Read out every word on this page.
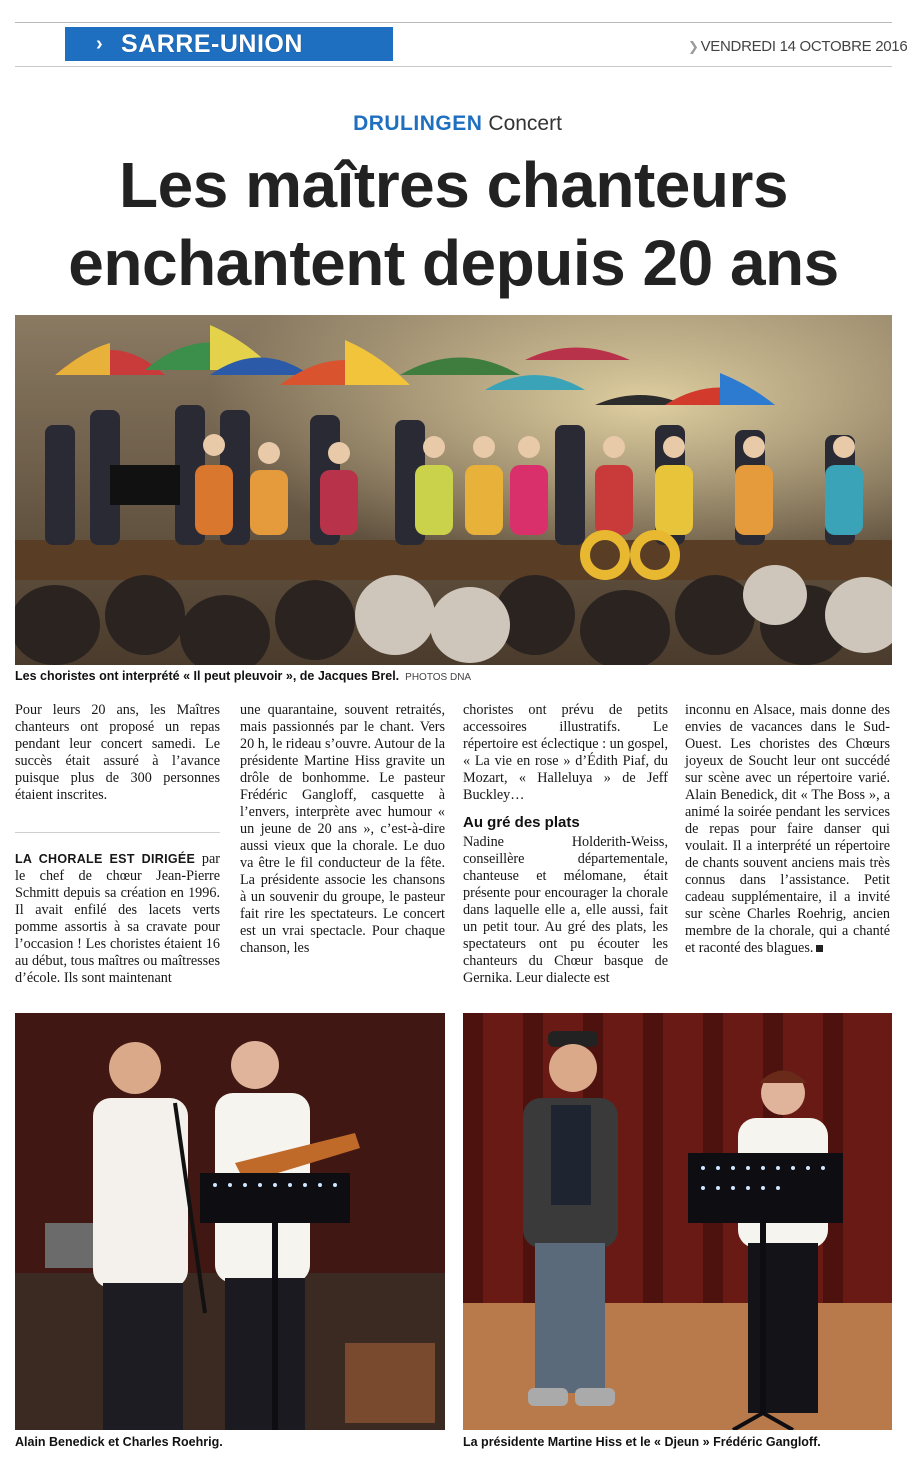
› SARRE-UNION	‹	❯ VENDREDI 14 OCTOBRE 2016
DRULINGEN Concert
Les maîtres chanteurs
enchantent depuis 20 ans
Les choristes ont interprété « Il peut pleuvoir », de Jacques Brel. PHOTOS DNA

Pour leurs 20 ans, les Maîtres chanteurs ont proposé un repas pendant leur concert samedi. Le succès était assuré à l’avance puisque plus de 300 personnes étaient inscrites.

LA CHORALE EST DIRIGÉE par le chef de chœur Jean-Pierre Schmitt depuis sa création en 1996. Il avait enfilé des lacets verts pomme assortis à sa cravate pour l’occasion ! Les choristes étaient 16 au début, tous maîtres ou maîtresses d’école. Ils sont maintenant

une quarantaine, souvent retraités, mais passionnés par le chant. Vers 20 h, le rideau s’ouvre. Autour de la présidente Martine Hiss gravite un drôle de bonhomme. Le pasteur Frédéric Gangloff, casquette à l’envers, interprète avec humour « un jeune de 20 ans », c’est-à-dire aussi vieux que la chorale. Le duo va être le fil conducteur de la fête. La présidente associe les chansons à un souvenir du groupe, le pasteur fait rire les spectateurs. Le concert est un vrai spectacle. Pour chaque chanson, les

choristes ont prévu de petits accessoires illustratifs. Le répertoire est éclectique : un gospel, « La vie en rose » d’Édith Piaf, du Mozart, « Halleluya » de Jeff Buckley…

Au gré des plats

Nadine Holderith-Weiss, conseillère départementale, chanteuse et mélomane, était présente pour encourager la chorale dans laquelle elle a, elle aussi, fait un petit tour. Au gré des plats, les spectateurs ont pu écouter les chanteurs du Chœur basque de Gernika. Leur dialecte est

inconnu en Alsace, mais donne des envies de vacances dans le Sud-Ouest. Les choristes des Chœurs joyeux de Soucht leur ont succédé sur scène avec un répertoire varié. Alain Benedick, dit « The Boss », a animé la soirée pendant les services de repas pour faire danser qui voulait. Il a interprété un répertoire de chants souvent anciens mais très connus dans l’assistance. Petit cadeau supplémentaire, il a invité sur scène Charles Roehrig, ancien membre de la chorale, qui a chanté et raconté des blagues.

Alain Benedick et Charles Roehrig.	La présidente Martine Hiss et le « Djeun » Frédéric Gangloff.
